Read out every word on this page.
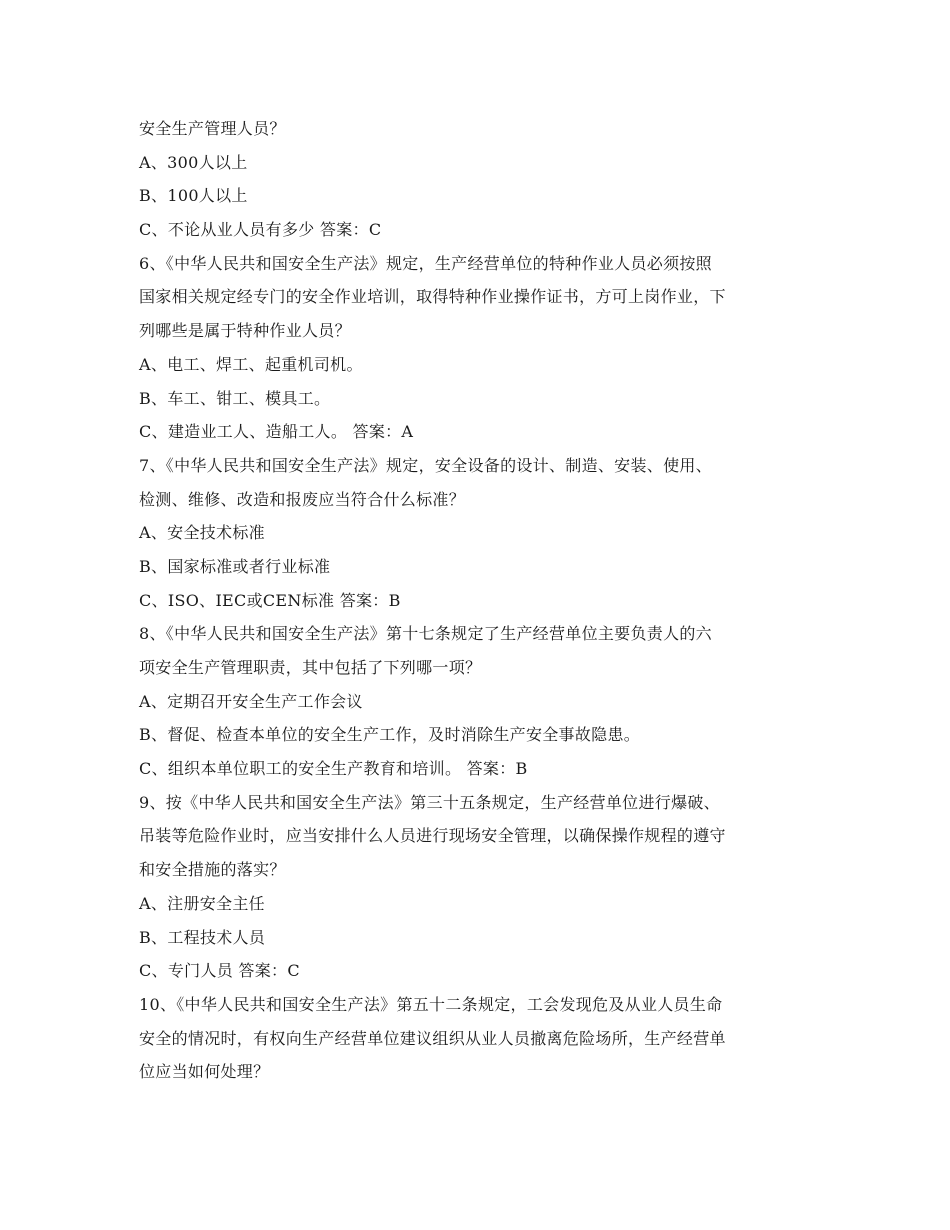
安全生产管理人员？
A、300人以上
B、100人以上
C、不论从业人员有多少 答案：C
6、《中华人民共和国安全生产法》规定，生产经营单位的特种作业人员必须按照
国家相关规定经专门的安全作业培训，取得特种作业操作证书，方可上岗作业，下
列哪些是属于特种作业人员？
A、电工、焊工、起重机司机。
B、车工、钳工、模具工。
C、建造业工人、造船工人。 答案：A
7、《中华人民共和国安全生产法》规定，安全设备的设计、制造、安装、使用、
检测、维修、改造和报废应当符合什么标准？
A、安全技术标准
B、国家标准或者行业标准
C、ISO、IEC或CEN标准 答案：B
8、《中华人民共和国安全生产法》第十七条规定了生产经营单位主要负责人的六
项安全生产管理职责，其中包括了下列哪一项？
A、定期召开安全生产工作会议
B、督促、检查本单位的安全生产工作，及时消除生产安全事故隐患。
C、组织本单位职工的安全生产教育和培训。 答案：B
9、按《中华人民共和国安全生产法》第三十五条规定，生产经营单位进行爆破、
吊装等危险作业时，应当安排什么人员进行现场安全管理，以确保操作规程的遵守
和安全措施的落实？
A、注册安全主任
B、工程技术人员
C、专门人员 答案：C
10、《中华人民共和国安全生产法》第五十二条规定，工会发现危及从业人员生命
安全的情况时，有权向生产经营单位建议组织从业人员撤离危险场所，生产经营单
位应当如何处理？
